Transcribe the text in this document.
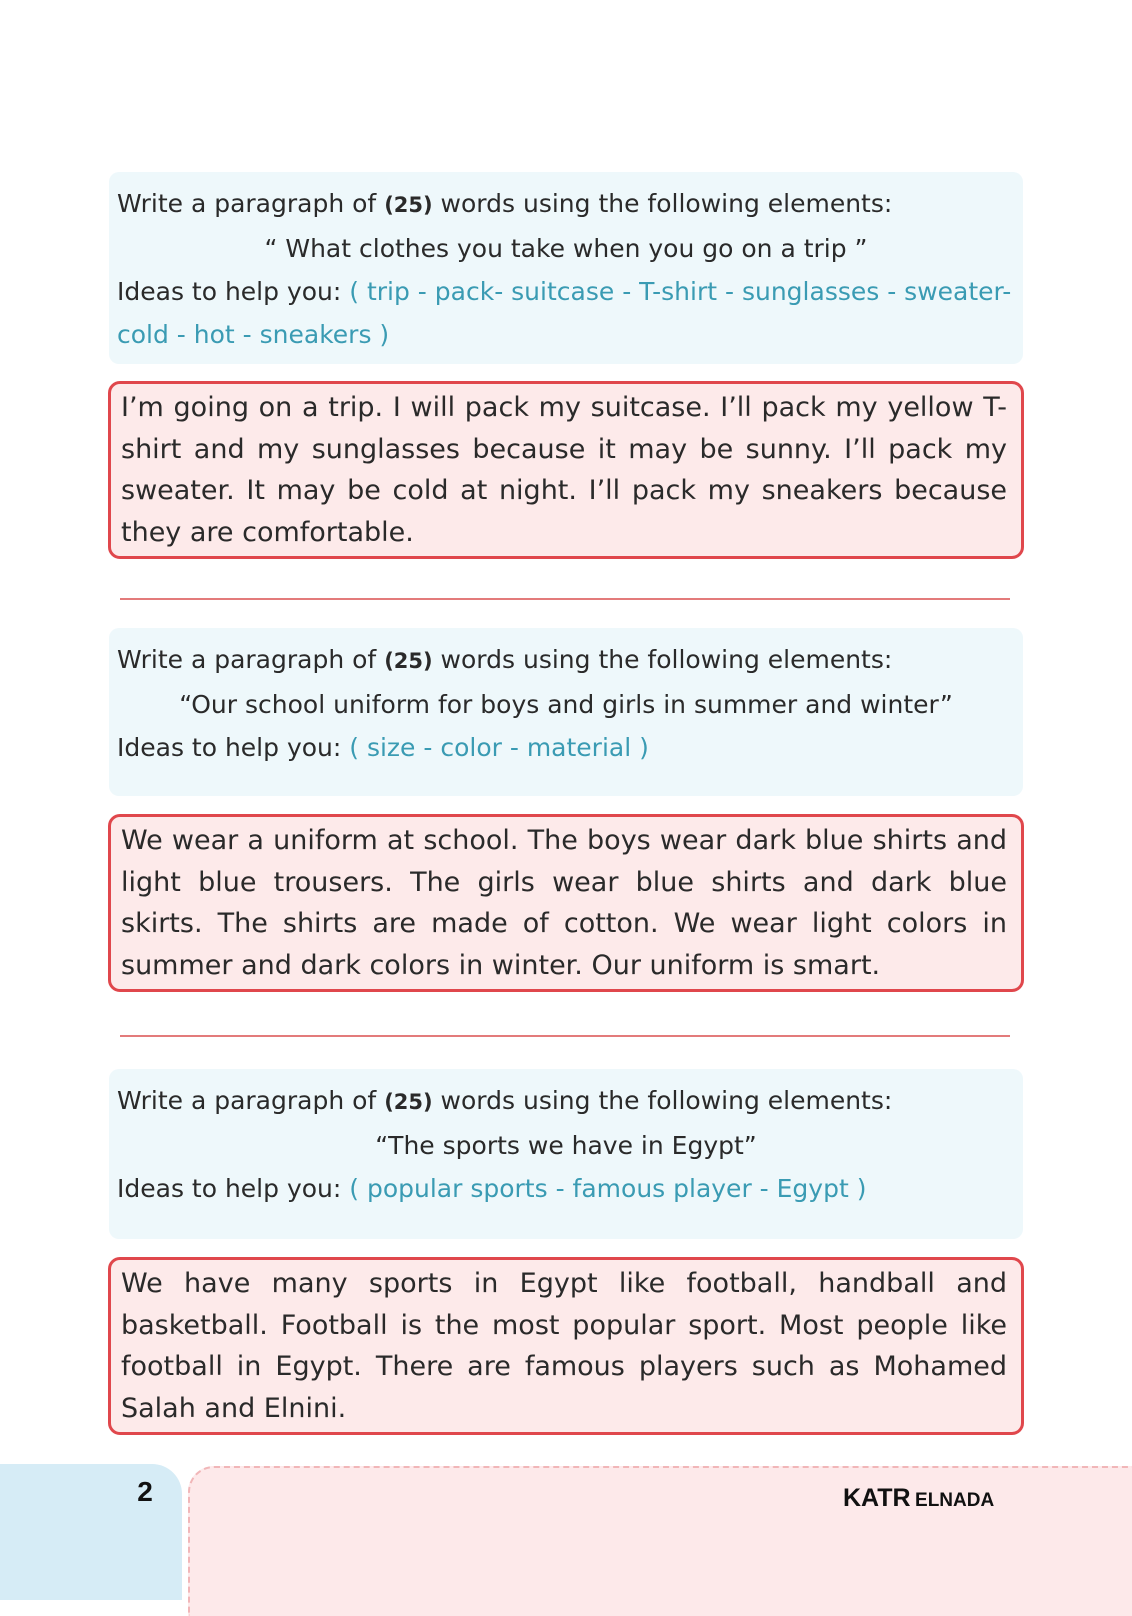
Write a paragraph of (25) words using the following elements:
“ What clothes you take when you go on a trip ”
Ideas to help you: ( trip - pack- suitcase - T-shirt - sunglasses - sweater-
cold - hot - sneakers )
I’m going on a trip. I will pack my suitcase. I’ll pack my yellow T-shirt and my sunglasses because it may be sunny. I’ll pack my sweater. It may be cold at night. I’ll pack my sneakers because they are comfortable.
Write a paragraph of (25) words using the following elements:
“Our school uniform for boys and girls in summer and winter”
Ideas to help you: ( size - color - material )
We wear a uniform at school. The boys wear dark blue shirts and light blue trousers. The girls wear blue shirts and dark blue skirts. The shirts are made of cotton. We wear light colors in summer and dark colors in winter. Our uniform is smart.
Write a paragraph of (25) words using the following elements:
“The sports we have in Egypt”
Ideas to help you: ( popular sports - famous player - Egypt )
We have many sports in Egypt like football, handball and basketball. Football is the most popular sport. Most people like football in Egypt. There are famous players such as Mohamed Salah and Elnini.
2	KATR ELNADA
